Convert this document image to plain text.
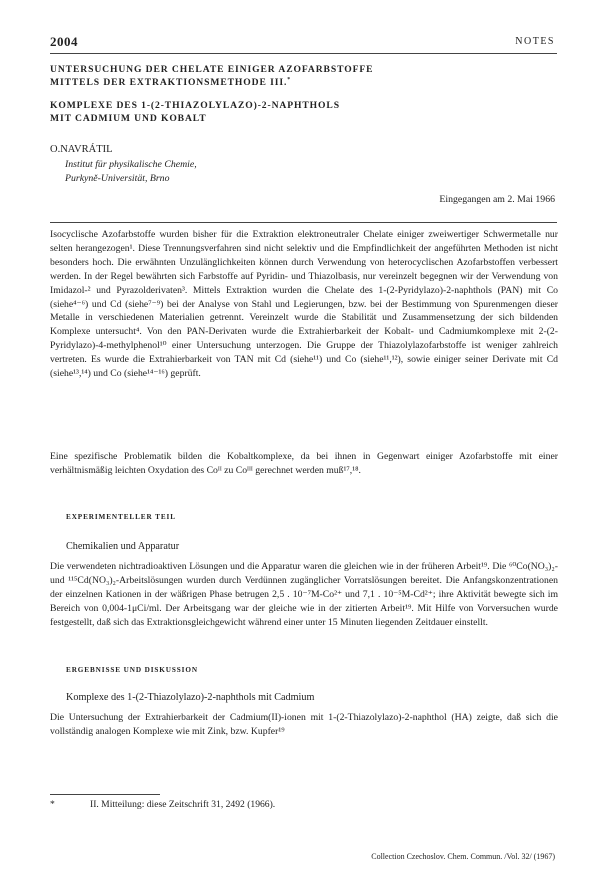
2004	NOTES
UNTERSUCHUNG DER CHELATE EINIGER AZOFARBSTOFFE
MITTELS DER EXTRAKTIONSMETHODE III.*
KOMPLEXE DES 1-(2-THIAZOLYLAZO)-2-NAPHTHOLS
MIT CADMIUM UND KOBALT
O.NAVRÁTIL
Institut für physikalische Chemie,
Purkyně-Universität, Brno
Eingegangen am 2. Mai 1966
Isocyclische Azofarbstoffe wurden bisher für die Extraktion elektroneutraler Chelate einiger zweiwertiger Schwermetalle nur selten herangezogen¹. Diese Trennungsverfahren sind nicht selektiv und die Empfindlichkeit der angeführten Methoden ist nicht besonders hoch. Die erwähnten Unzulänglichkeiten können durch Verwendung von heterocyclischen Azofarbstoffen verbessert werden. In der Regel bewährten sich Farbstoffe auf Pyridin- und Thiazolbasis, nur vereinzelt begegnen wir der Verwendung von Imidazol-² und Pyrazolderivaten³. Mittels Extraktion wurden die Chelate des 1-(2-Pyridylazo)-2-naphthols (PAN) mit Co (siehe⁴⁻⁶) und Cd (siehe⁷⁻⁹) bei der Analyse von Stahl und Legierungen, bzw. bei der Bestimmung von Spurenmengen dieser Metalle in verschiedenen Materialien getrennt. Vereinzelt wurde die Stabilität und Zusammensetzung der sich bildenden Komplexe untersucht⁴. Von den PAN-Derivaten wurde die Extrahierbarkeit der Kobalt- und Cadmiumkomplexe mit 2-(2-Pyridylazo)-4-methylphenol¹⁰ einer Untersuchung unterzogen. Die Gruppe der Thiazolylazofarbstoffe ist weniger zahlreich vertreten. Es wurde die Extrahierbarkeit von TAN mit Cd (siehe¹¹) und Co (siehe¹¹,¹²), sowie einiger seiner Derivate mit Cd (siehe¹³,¹⁴) und Co (siehe¹⁴⁻¹⁶) geprüft.
Eine spezifische Problematik bilden die Kobaltkomplexe, da bei ihnen in Gegenwart einiger Azofarbstoffe mit einer verhältnismäßig leichten Oxydation des Coᴵᴵ zu Coᴵᴵᴵ gerechnet werden muß¹⁷,¹⁸.
EXPERIMENTELLER TEIL
Chemikalien und Apparatur
Die verwendeten nichtradioaktiven Lösungen und die Apparatur waren die gleichen wie in der früheren Arbeit¹⁹. Die ⁶⁰Co(NO₃)₂- und ¹¹⁵Cd(NO₃)₂-Arbeitslösungen wurden durch Verdünnen zugänglicher Vorratslösungen bereitet. Die Anfangskonzentrationen der einzelnen Kationen in der wäßrigen Phase betrugen 2,5 . 10⁻⁷M-Co²⁺ und 7,1 . 10⁻⁵M-Cd²⁺; ihre Aktivität bewegte sich im Bereich von 0,004-1μCi/ml. Der Arbeitsgang war der gleiche wie in der zitierten Arbeit¹⁹. Mit Hilfe von Vorversuchen wurde festgestellt, daß sich das Extraktionsgleichgewicht während einer unter 15 Minuten liegenden Zeitdauer einstellt.
ERGEBNISSE UND DISKUSSION
Komplexe des 1-(2-Thiazolylazo)-2-naphthols mit Cadmium
Die Untersuchung der Extrahierbarkeit der Cadmium(II)-ionen mit 1-(2-Thiazolylazo)-2-naphthol (HA) zeigte, daß sich die vollständig analogen Komplexe wie mit Zink, bzw. Kupfer¹⁹
*	II. Mitteilung: diese Zeitschrift 31, 2492 (1966).
Collection Czechoslov. Chem. Commun. /Vol. 32/ (1967)
